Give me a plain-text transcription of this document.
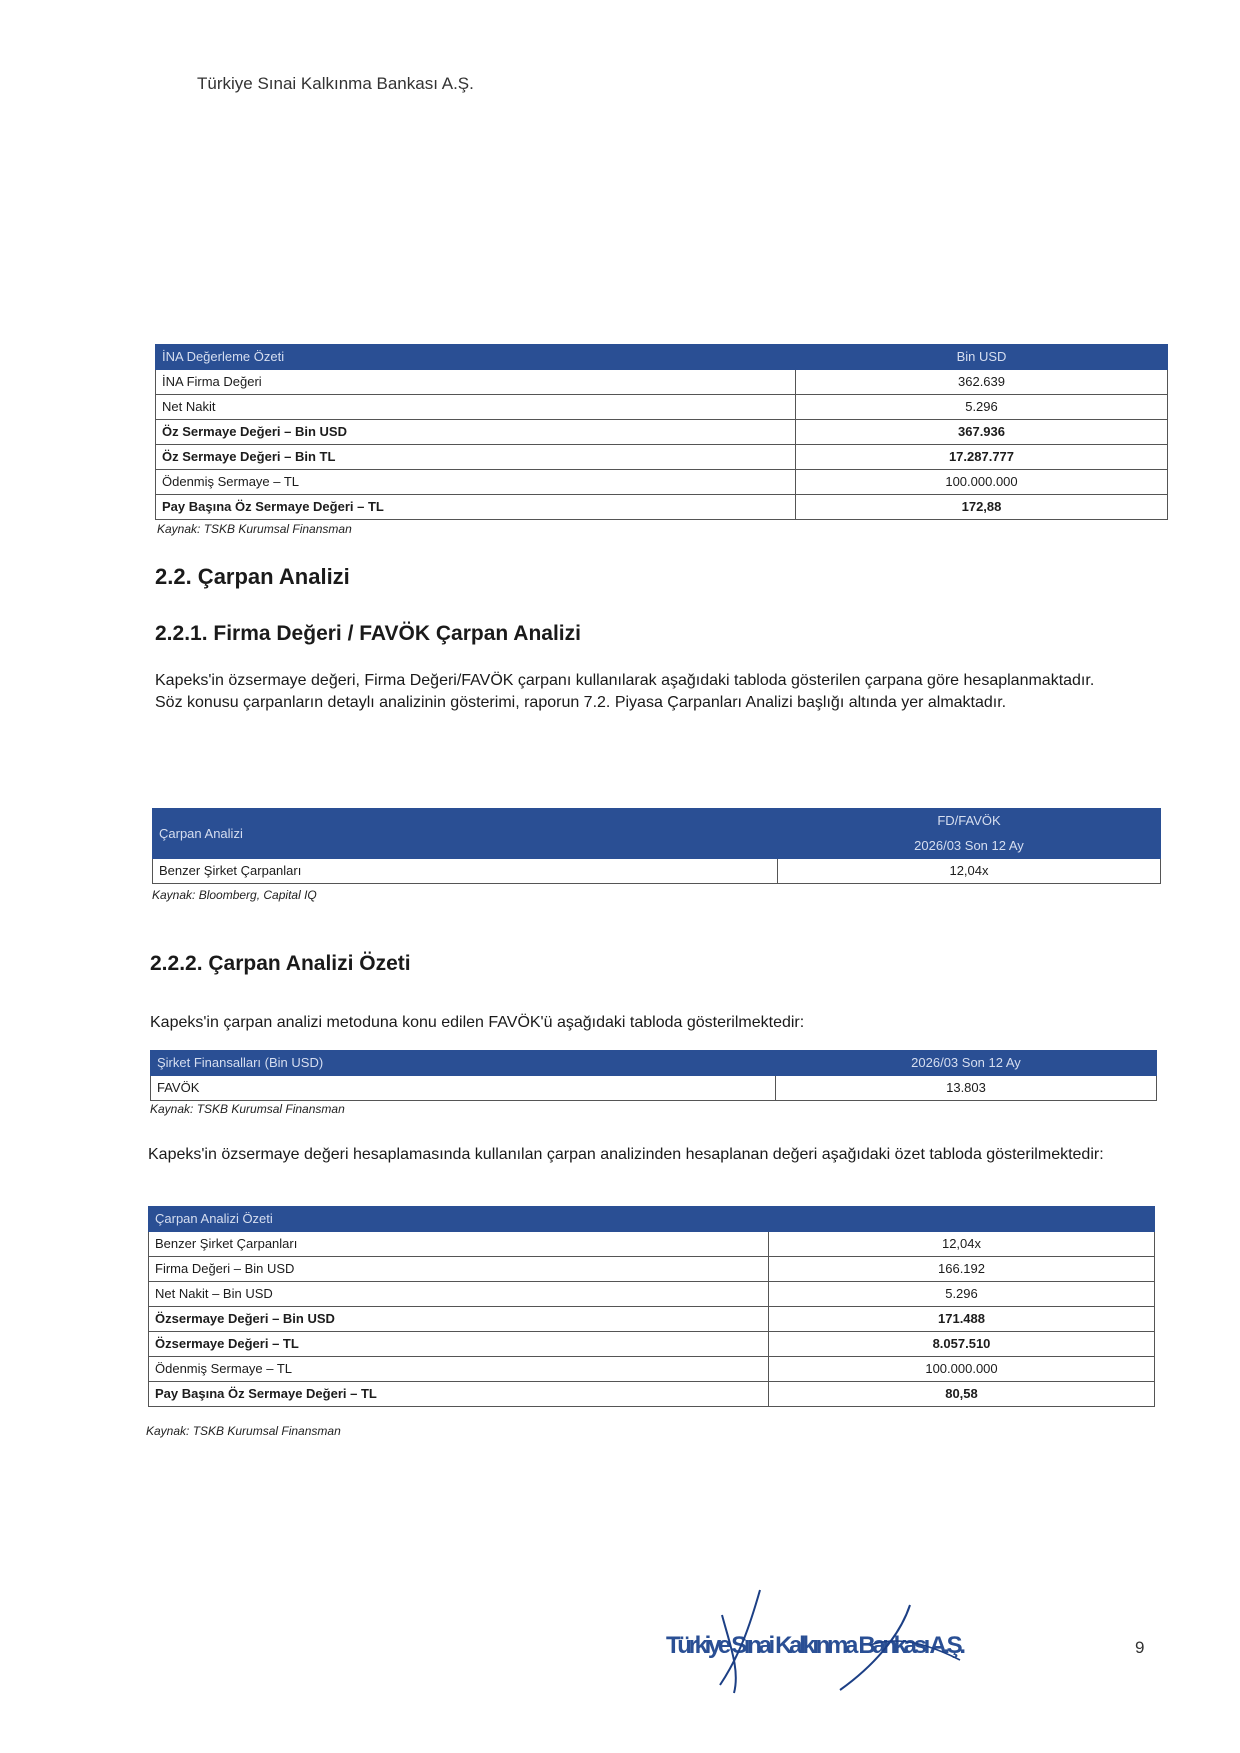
Türkiye Sınai Kalkınma Bankası A.Ş.
İNA Değerleme Özeti	Bin USD
İNA Firma Değeri	362.639
Net Nakit	5.296
Öz Sermaye Değeri – Bin USD	367.936
Öz Sermaye Değeri – Bin TL	17.287.777
Ödenmiş Sermaye – TL	100.000.000
Pay Başına Öz Sermaye Değeri – TL	172,88
Kaynak: TSKB Kurumsal Finansman
2.2. Çarpan Analizi
2.2.1. Firma Değeri / FAVÖK Çarpan Analizi

Kapeks'in özsermaye değeri, Firma Değeri/FAVÖK çarpanı kullanılarak aşağıdaki tabloda gösterilen çarpana göre hesaplanmaktadır.

Söz konusu çarpanların detaylı analizinin gösterimi, raporun 7.2. Piyasa Çarpanları Analizi başlığı altında yer almaktadır.

Çarpan Analizi	FD/FAVÖK
	2026/03 Son 12 Ay
Benzer Şirket Çarpanları	12,04x
Kaynak: Bloomberg, Capital IQ
2.2.2. Çarpan Analizi Özeti
Kapeks'in çarpan analizi metoduna konu edilen FAVÖK'ü aşağıdaki tabloda gösterilmektedir:
Şirket Finansalları (Bin USD)	2026/03 Son 12 Ay
FAVÖK	13.803
Kaynak: TSKB Kurumsal Finansman
Kapeks'in özsermaye değeri hesaplamasında kullanılan çarpan analizinden hesaplanan değeri aşağıdaki özet tabloda gösterilmektedir:
Çarpan Analizi Özeti	
Benzer Şirket Çarpanları	12,04x
Firma Değeri – Bin USD	166.192
Net Nakit – Bin USD	5.296
Özsermaye Değeri – Bin USD	171.488
Özsermaye Değeri – TL	8.057.510
Ödenmiş Sermaye – TL	100.000.000
Pay Başına Öz Sermaye Değeri – TL	80,58
Kaynak: TSKB Kurumsal Finansman
Türkiye Sınai Kalkınma Bankası A.Ş.	9
